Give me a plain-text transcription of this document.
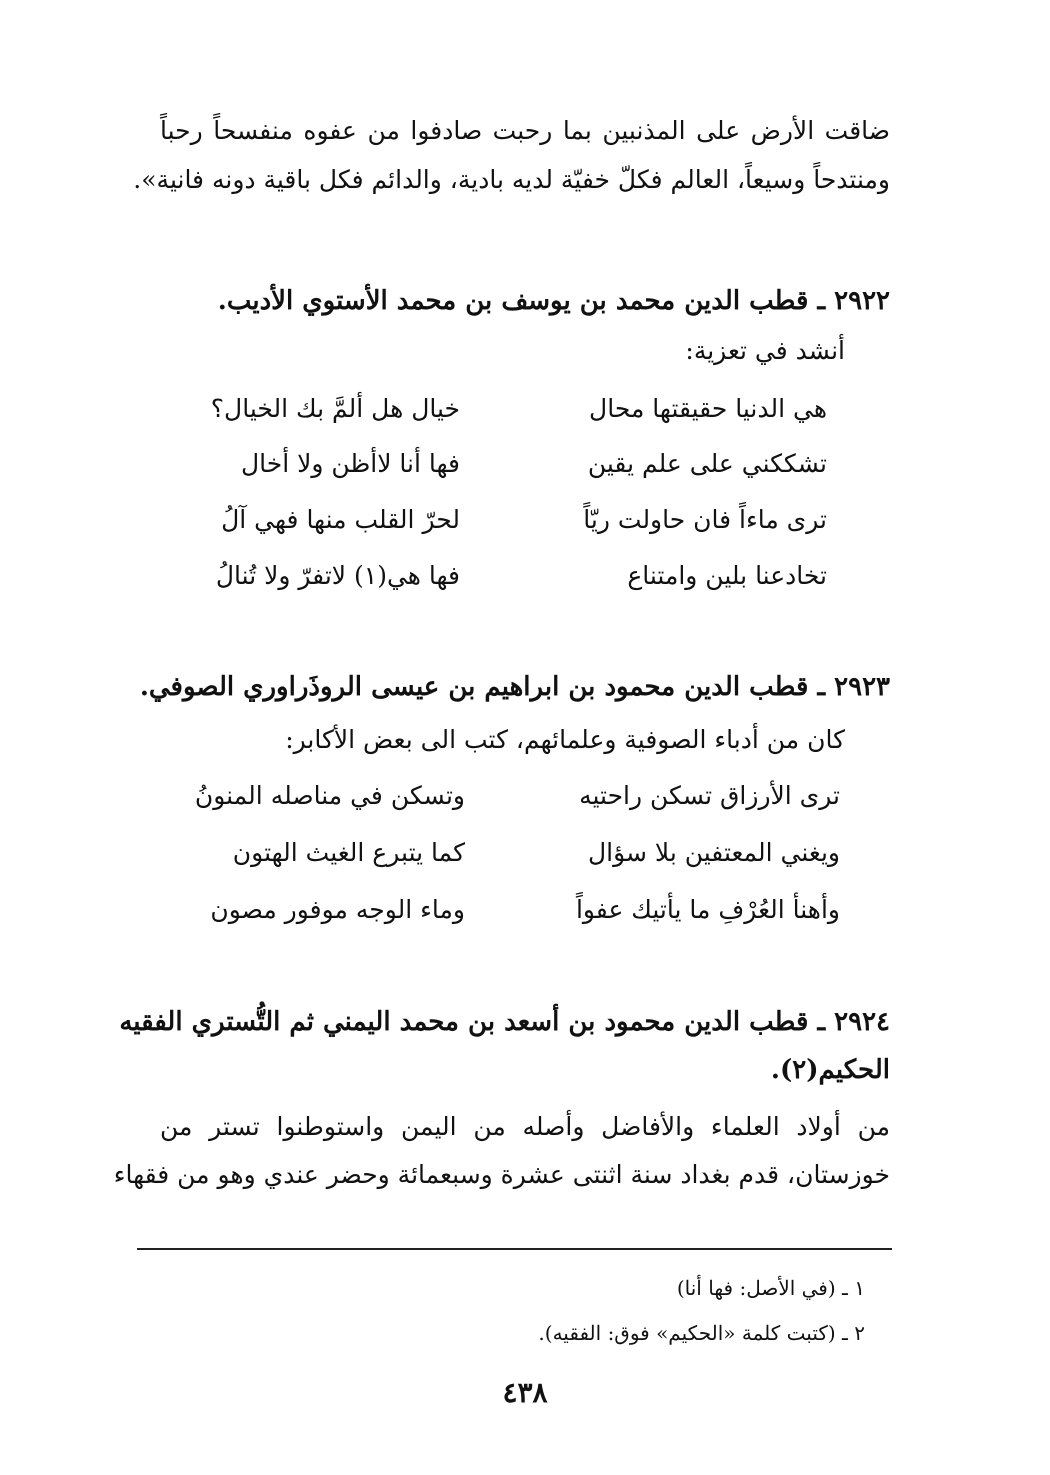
ضاقت الأرض على المذنبين بما رحبت صادفوا من عفوه منفسحاً رحباً
ومنتدحاً وسيعاً، العالم فكلّ خفيّة لديه بادية، والدائم فكل باقية دونه فانية».
٢٩٢٢ ـ قطب الدين محمد بن يوسف بن محمد الأستوي الأديب.
أنشد في تعزية:
هي الدنيا حقيقتها محال
خيال هل ألمَّ بك الخيال؟
تشككني على علم يقين
فها أنا لاأظن ولا أخال
ترى ماءاً فان حاولت ريّاً
لحرّ القلب منها فهي آلُ
تخادعنا بلين وامتناع
فها هي(١) لاتفرّ ولا تُنالُ
٢٩٢٣ ـ قطب الدين محمود بن ابراهيم بن عيسى الروذَراوري الصوفي.
كان من أدباء الصوفية وعلمائهم، كتب الى بعض الأكابر:
ترى الأرزاق تسكن راحتيه
وتسكن في مناصله المنونُ
ويغني المعتفين بلا سؤال
كما يتبرع الغيث الهتون
وأهنأ العُرْفِ ما يأتيك عفواً
وماء الوجه موفور مصون
٢٩٢٤ ـ قطب الدين محمود بن أسعد بن محمد اليمني ثم التُّستري الفقيه
الحكيم(٢).
من أولاد العلماء والأفاضل وأصله من اليمن واستوطنوا تستر من
خوزستان، قدم بغداد سنة اثنتى عشرة وسبعمائة وحضر عندي وهو من فقهاء
١ ـ (في الأصل: فها أنا)
٢ ـ (كتبت كلمة «الحكيم» فوق: الفقيه).
٤٣٨
